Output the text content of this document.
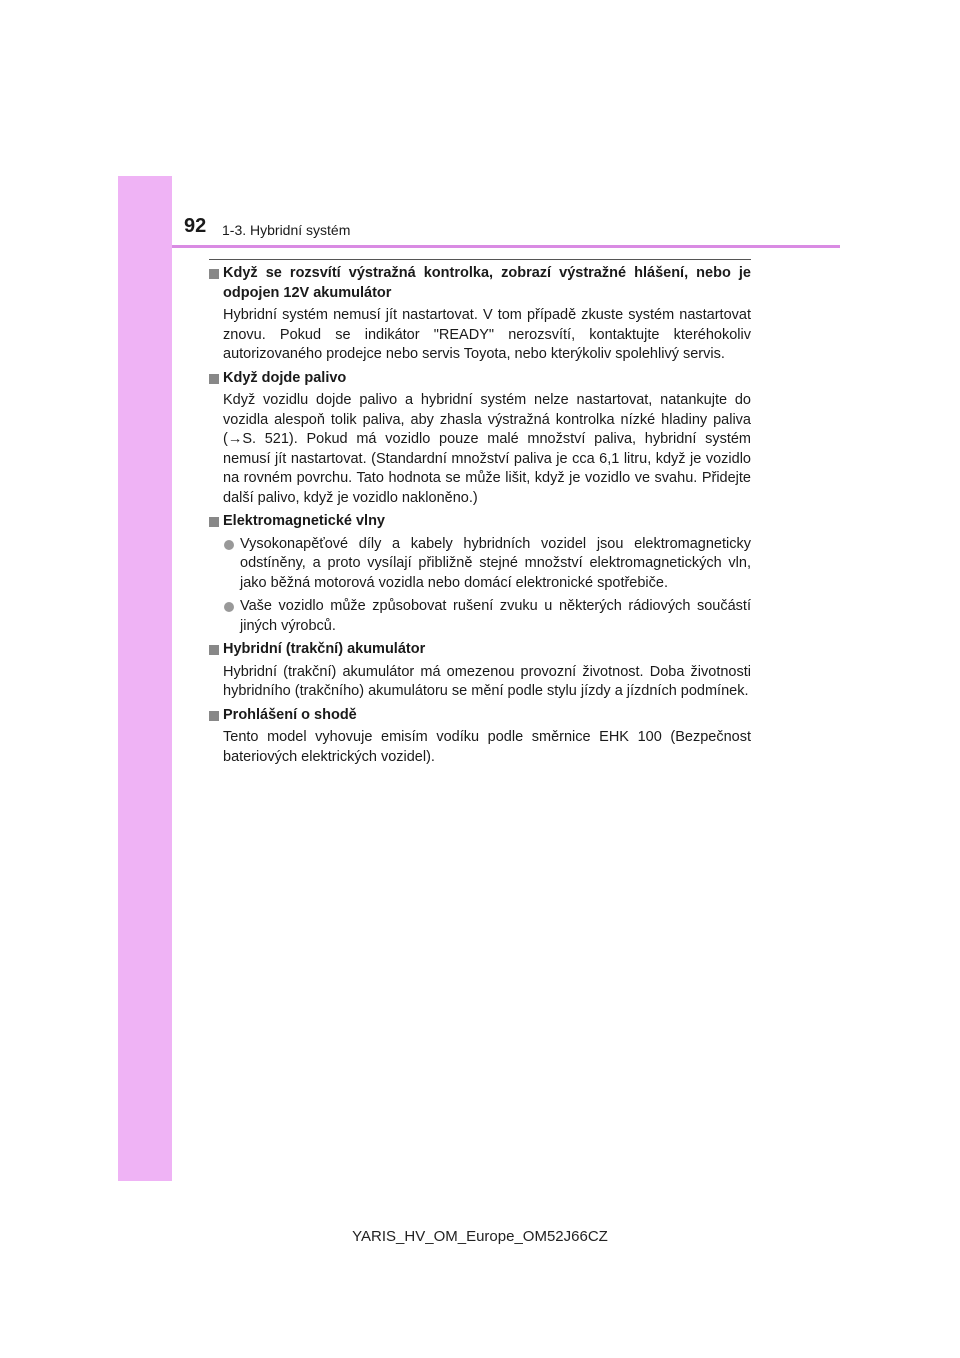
92 1-3. Hybridní systém
Když se rozsvítí výstražná kontrolka, zobrazí výstražné hlášení, nebo je odpojen 12V akumulátor
Hybridní systém nemusí jít nastartovat. V tom případě zkuste systém nastartovat znovu. Pokud se indikátor "READY" nerozsvítí, kontaktujte kteréhokoliv autorizovaného prodejce nebo servis Toyota, nebo kterýkoliv spolehlivý servis.
Když dojde palivo
Když vozidlu dojde palivo a hybridní systém nelze nastartovat, natankujte do vozidla alespoň tolik paliva, aby zhasla výstražná kontrolka nízké hladiny paliva (→S. 521). Pokud má vozidlo pouze malé množství paliva, hybridní systém nemusí jít nastartovat. (Standardní množství paliva je cca 6,1 litru, když je vozidlo na rovném povrchu. Tato hodnota se může lišit, když je vozidlo ve svahu. Přidejte další palivo, když je vozidlo nakloněno.)
Elektromagnetické vlny
Vysokonapěťové díly a kabely hybridních vozidel jsou elektromagneticky odstíněny, a proto vysílají přibližně stejné množství elektromagnetických vln, jako běžná motorová vozidla nebo domácí elektronické spotřebiče.
Vaše vozidlo může způsobovat rušení zvuku u některých rádiových součástí jiných výrobců.
Hybridní (trakční) akumulátor
Hybridní (trakční) akumulátor má omezenou provozní životnost. Doba životnosti hybridního (trakčního) akumulátoru se mění podle stylu jízdy a jízdních podmínek.
Prohlášení o shodě
Tento model vyhovuje emisím vodíku podle směrnice EHK 100 (Bezpečnost bateriových elektrických vozidel).
YARIS_HV_OM_Europe_OM52J66CZ
